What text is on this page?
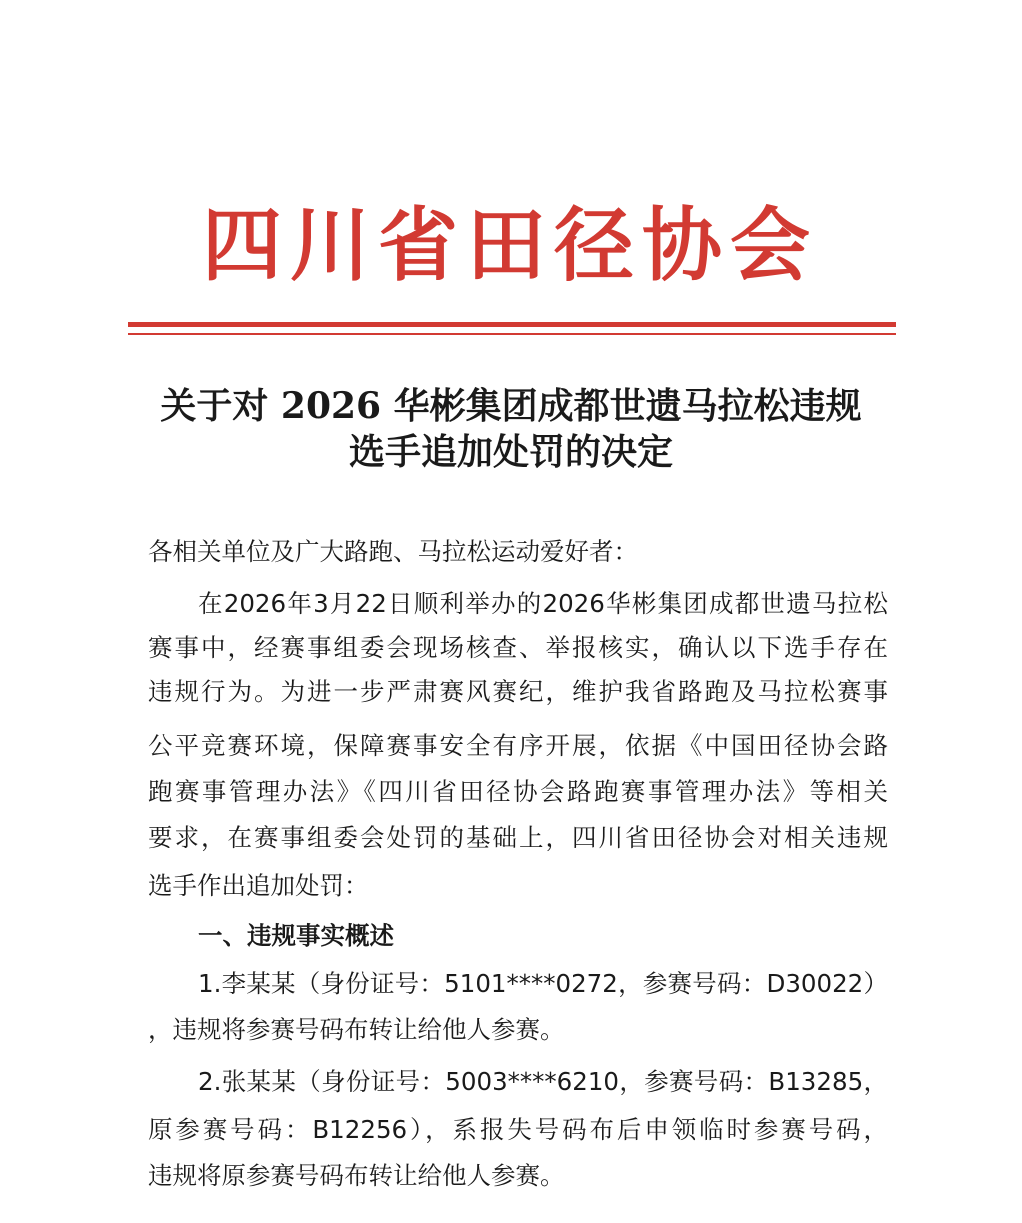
四川省田径协会
关于对 2026 华彬集团成都世遗马拉松违规
选手追加处罚的决定
各相关单位及广大路跑、马拉松运动爱好者：
在2026年3月22日顺利举办的2026华彬集团成都世遗马拉松
赛事中，经赛事组委会现场核查、举报核实，确认以下选手存在
违规行为。为进一步严肃赛风赛纪，维护我省路跑及马拉松赛事
公平竞赛环境，保障赛事安全有序开展，依据《中国田径协会路
跑赛事管理办法》《四川省田径协会路跑赛事管理办法》等相关
要求，在赛事组委会处罚的基础上，四川省田径协会对相关违规
选手作出追加处罚：
一、违规事实概述
1.李某某（身份证号：5101****0272，参赛号码：D30022）
，违规将参赛号码布转让给他人参赛。
2.张某某（身份证号：5003****6210，参赛号码：B13285，
原参赛号码：B12256），系报失号码布后申领临时参赛号码，
违规将原参赛号码布转让给他人参赛。
